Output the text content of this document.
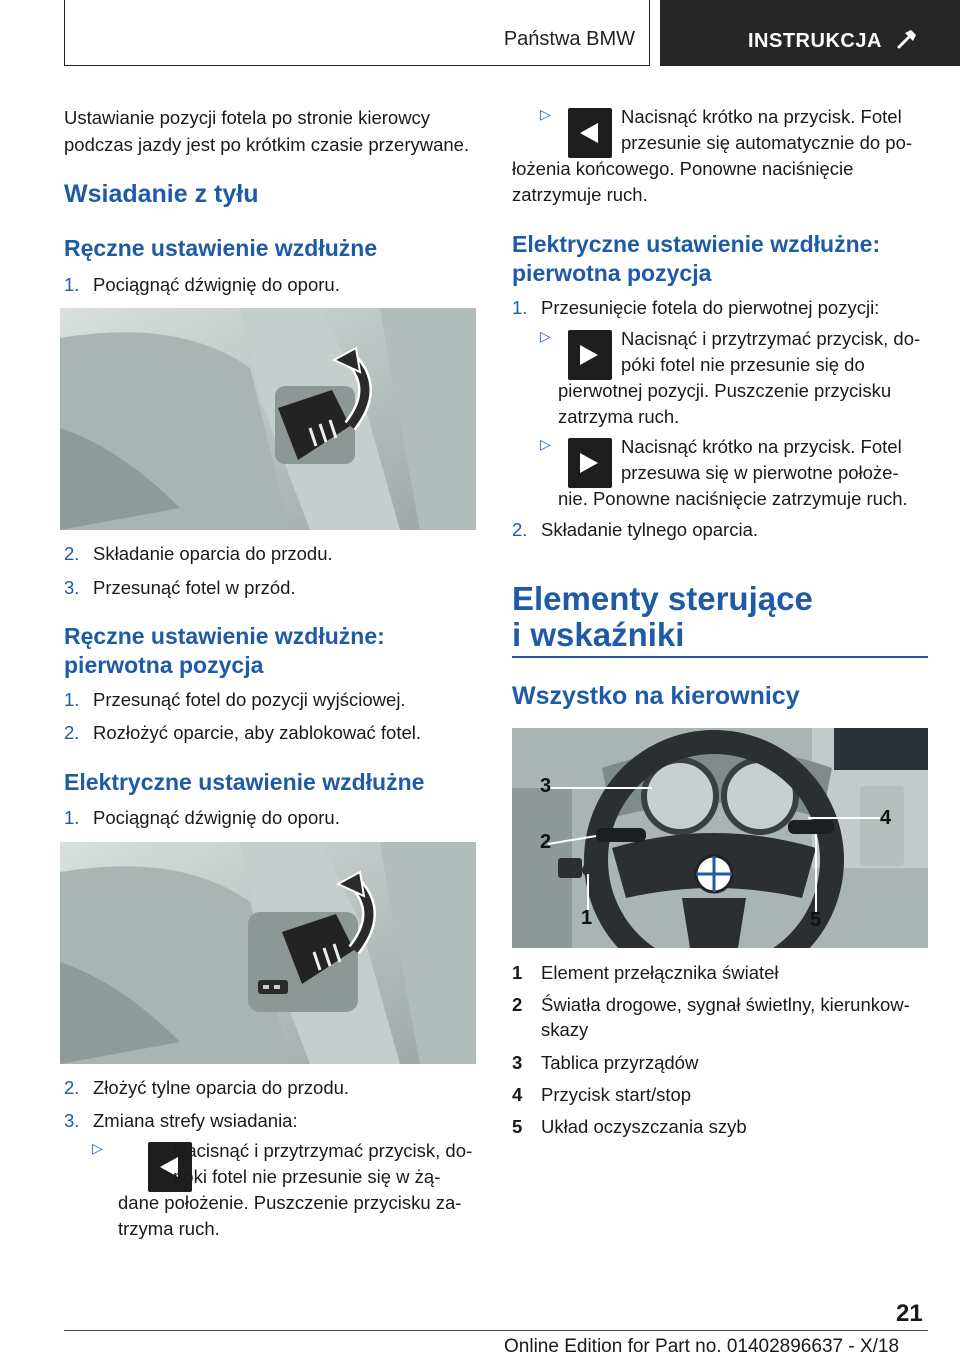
Państwa BMW	INSTRUKCJA

Ustawianie pozycji fotela po stronie kierowcy

podczas jazdy jest po krótkim czasie przerywane.

Wsiadanie z tyłu
Ręczne ustawienie wzdłużne
1. Pociągnąć dźwignię do oporu.
2. Składanie oparcia do przodu.
3. Przesunąć fotel w przód.
Ręczne ustawienie wzdłużne:
pierwotna pozycja
1. Przesunąć fotel do pozycji wyjściowej.
2. Rozłożyć oparcie, aby zablokować fotel.
Elektryczne ustawienie wzdłużne
1. Pociągnąć dźwignię do oporu.
2. Złożyć tylne oparcia do przodu.
3. Zmiana strefy wsiadania:
▷	Nacisnąć i przytrzymać przycisk, do-
póki fotel nie przesunie się w żą-
dane położenie. Puszczenie przycisku za-
trzyma ruch.
▷	Nacisnąć krótko na przycisk. Fotel
przesunie się automatycznie do po-
łożenia końcowego. Ponowne naciśnięcie
zatrzymuje ruch.
Elektryczne ustawienie wzdłużne:
pierwotna pozycja
1. Przesunięcie fotela do pierwotnej pozycji:
▷	Nacisnąć i przytrzymać przycisk, do-
póki fotel nie przesunie się do
pierwotnej pozycji. Puszczenie przycisku
zatrzyma ruch.
▷	Nacisnąć krótko na przycisk. Fotel
przesuwa się w pierwotne położe-
nie. Ponowne naciśnięcie zatrzymuje ruch.
2. Składanie tylnego oparcia.
Elementy sterujące
i wskaźniki
Wszystko na kierownicy
3
2
1
4
5
1 Element przełącznika świateł
2 Światła drogowe, sygnał świetlny, kierunkow-
skazy
3 Tablica przyrządów
4 Przycisk start/stop
5 Układ oczyszczania szyb
21
Online Edition for Part no. 01402896637 - X/18
